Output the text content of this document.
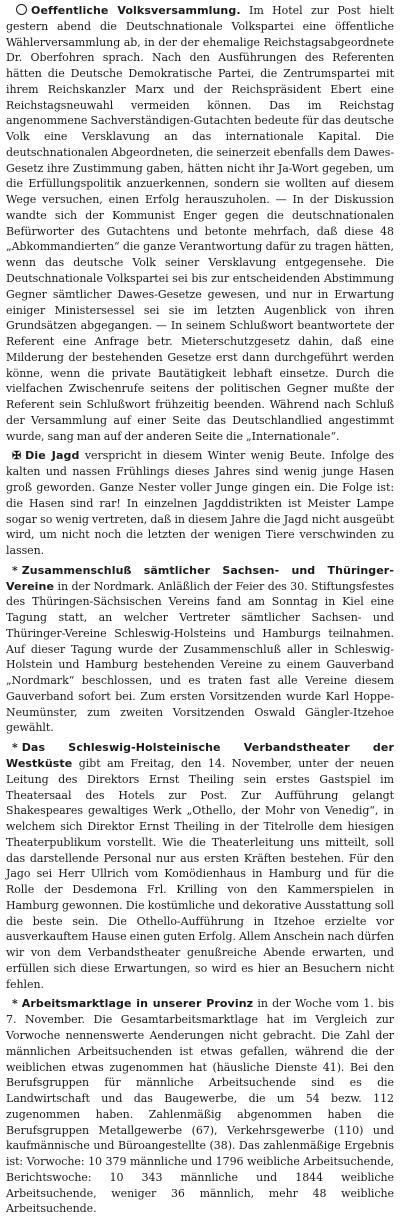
Oeffentliche Volksversammlung. Im Hotel zur Post hielt gestern abend die Deutschnationale Volkspartei eine öffentliche Wählerversammlung ab, in der der ehemalige Reichstagsabgeordnete Dr. Oberfohren sprach. Nach den Ausführungen des Referenten hätten die Deutsche Demokratische Partei, die Zentrumspartei mit ihrem Reichskanzler Marx und der Reichspräsident Ebert eine Reichstagsneuwahl vermeiden können. Das im Reichstag angenommene Sachverständigen-Gutachten bedeute für das deutsche Volk eine Versklavung an das internationale Kapital. Die deutschnationalen Abgeordneten, die seinerzeit ebenfalls dem Dawes-Gesetz ihre Zustimmung gaben, hätten nicht ihr Ja-Wort gegeben, um die Erfüllungspolitik anzuerkennen, sondern sie wollten auf diesem Wege versuchen, einen Erfolg herauszuholen. — In der Diskussion wandte sich der Kommunist Enger gegen die deutschnationalen Befürworter des Gutachtens und betonte mehrfach, daß diese 48 „Abkommandierten“ die ganze Verantwortung dafür zu tragen hätten, wenn das deutsche Volk seiner Versklavung entgegensehe. Die Deutschnationale Volkspartei sei bis zur entscheidenden Abstimmung Gegner sämtlicher Dawes-Gesetze gewesen, und nur in Erwartung einiger Ministersessel sei sie im letzten Augenblick von ihren Grundsätzen abgegangen. — In seinem Schlußwort beantwortete der Referent eine Anfrage betr. Mieterschutzgesetz dahin, daß eine Milderung der bestehenden Gesetze erst dann durchgeführt werden könne, wenn die private Bautätigkeit lebhaft einsetze. Durch die vielfachen Zwischenrufe seitens der politischen Gegner mußte der Referent sein Schlußwort frühzeitig beenden. Während nach Schluß der Versammlung auf einer Seite das Deutschlandlied angestimmt wurde, sang man auf der anderen Seite die „Internationale“.

✠ Die Jagd verspricht in diesem Winter wenig Beute. Infolge des kalten und nassen Frühlings dieses Jahres sind wenig junge Hasen groß geworden. Ganze Nester voller Junge gingen ein. Die Folge ist: die Hasen sind rar! In einzelnen Jagddistrikten ist Meister Lampe sogar so wenig vertreten, daß in diesem Jahre die Jagd nicht ausgeübt wird, um nicht noch die letzten der wenigen Tiere verschwinden zu lassen.

* Zusammenschluß sämtlicher Sachsen- und Thüringer-Vereine in der Nordmark. Anläßlich der Feier des 30. Stiftungsfestes des Thüringen-Sächsischen Vereins fand am Sonntag in Kiel eine Tagung statt, an welcher Vertreter sämtlicher Sachsen- und Thüringer-Vereine Schleswig-Holsteins und Hamburgs teilnahmen. Auf dieser Tagung wurde der Zusammenschluß aller in Schleswig-Holstein und Hamburg bestehenden Vereine zu einem Gauverband „Nordmark“ beschlossen, und es traten fast alle Vereine diesem Gauverband sofort bei. Zum ersten Vorsitzenden wurde Karl Hoppe-Neumünster, zum zweiten Vorsitzenden Oswald Gängler-Itzehoe gewählt.

* Das Schleswig-Holsteinische Verbandstheater der Westküste gibt am Freitag, den 14. November, unter der neuen Leitung des Direktors Ernst Theiling sein erstes Gastspiel im Theatersaal des Hotels zur Post. Zur Aufführung gelangt Shakespeares gewaltiges Werk „Othello, der Mohr von Venedig“, in welchem sich Direktor Ernst Theiling in der Titelrolle dem hiesigen Theaterpublikum vorstellt. Wie die Theaterleitung uns mitteilt, soll das darstellende Personal nur aus ersten Kräften bestehen. Für den Jago sei Herr Ullrich vom Komödienhaus in Hamburg und für die Rolle der Desdemona Frl. Krilling von den Kammerspielen in Hamburg gewonnen. Die kostümliche und dekorative Ausstattung soll die beste sein. Die Othello-Aufführung in Itzehoe erzielte vor ausverkauftem Hause einen guten Erfolg. Allem Anschein nach dürfen wir von dem Verbandstheater genußreiche Abende erwarten, und erfüllen sich diese Erwartungen, so wird es hier an Besuchern nicht fehlen.

* Arbeitsmarktlage in unserer Provinz in der Woche vom 1. bis 7. November. Die Gesamtarbeitsmarktlage hat im Vergleich zur Vorwoche nennenswerte Aenderungen nicht gebracht. Die Zahl der männlichen Arbeitsuchenden ist etwas gefallen, während die der weiblichen etwas zugenommen hat (häusliche Dienste 41). Bei den Berufsgruppen für männliche Arbeitsuchende sind es die Landwirtschaft und das Baugewerbe, die um 54 bezw. 112 zugenommen haben. Zahlenmäßig abgenommen haben die Berufsgruppen Metallgewerbe (67), Verkehrsgewerbe (110) und kaufmännische und Büroangestellte (38). Das zahlenmäßige Ergebnis ist: Vorwoche: 10 379 männliche und 1796 weibliche Arbeitsuchende, Berichtswoche: 10 343 männliche und 1844 weibliche Arbeitsuchende, weniger 36 männlich, mehr 48 weibliche Arbeitsuchende.
